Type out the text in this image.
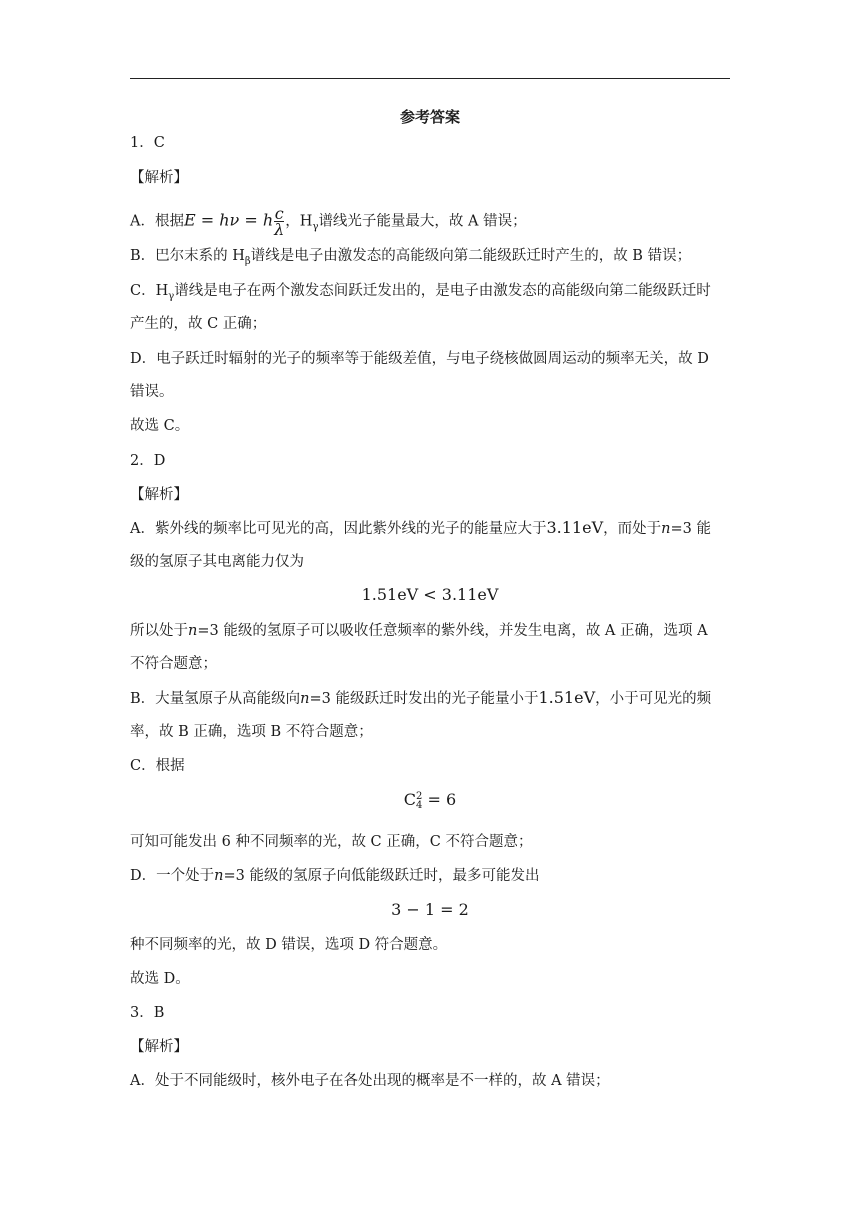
参考答案
1．C
【解析】
A．根据E = hν = h $\frac{c}{\lambda}$ ，$H_\gamma$谱线光子能量最大，故 A 错误；
B．巴尔末系的 $H_\beta$谱线是电子由激发态的高能级向第二能级跃迁时产生的，故 B 错误；
C．$H_\gamma$谱线是电子在两个激发态间跃迁发出的，是电子由激发态的高能级向第二能级跃迁时
产生的，故 C 正确；
D．电子跃迁时辐射的光子的频率等于能级差值，与电子绕核做圆周运动的频率无关，故 D
错误。
故选 C。
2．D
【解析】
A．紫外线的频率比可见光的高，因此紫外线的光子的能量应大于3.11eV，而处于n=3 能
级的氢原子其电离能力仅为
1.51eV < 3.11eV
所以处于n=3 能级的氢原子可以吸收任意频率的紫外线，并发生电离，故 A 正确，选项 A
不符合题意；
B．大量氢原子从高能级向n=3 能级跃迁时发出的光子能量小于1.51eV，小于可见光的频
率，故 B 正确，选项 B 不符合题意；
C．根据
C 2
4 = 6
可知可能发出 6 种不同频率的光，故 C 正确，C 不符合题意；
D．一个处于n=3 能级的氢原子向低能级跃迁时，最多可能发出
3 − 1 = 2
种不同频率的光，故 D 错误，选项 D 符合题意。
故选 D。
3．B
【解析】
A．处于不同能级时，核外电子在各处出现的概率是不一样的，故 A 错误；
